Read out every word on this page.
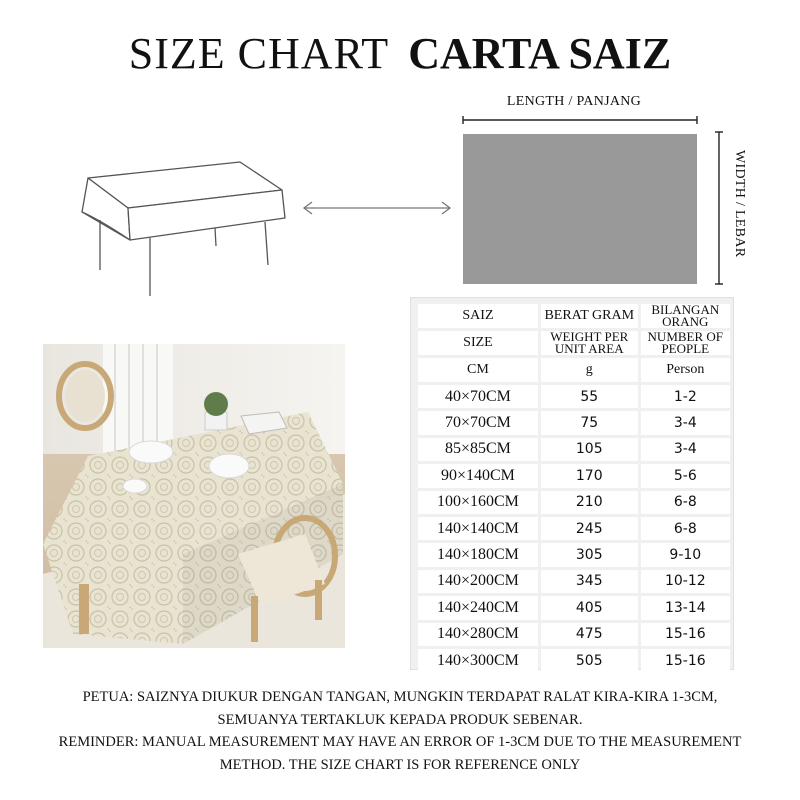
SIZE CHART CARTA SAIZ
LENGTH / PANJANG
WIDTH / LEBAR
SAIZ	BERAT GRAM	BILANGAN ORANG
SIZE	WEIGHT PER UNIT AREA	NUMBER OF PEOPLE
CM	g	Person
40×70CM	55	1-2
70×70CM	75	3-4
85×85CM	105	3-4
90×140CM	170	5-6
100×160CM	210	6-8
140×140CM	245	6-8
140×180CM	305	9-10
140×200CM	345	10-12
140×240CM	405	13-14
140×280CM	475	15-16
140×300CM	505	15-16

PETUA: SAIZNYA DIUKUR DENGAN TANGAN, MUNGKIN TERDAPAT RALAT KIRA-KIRA 1-3CM,

SEMUANYA TERTAKLUK KEPADA PRODUK SEBENAR.

REMINDER: MANUAL MEASUREMENT MAY HAVE AN ERROR OF 1-3CM DUE TO THE MEASUREMENT

METHOD. THE SIZE CHART IS FOR REFERENCE ONLY
